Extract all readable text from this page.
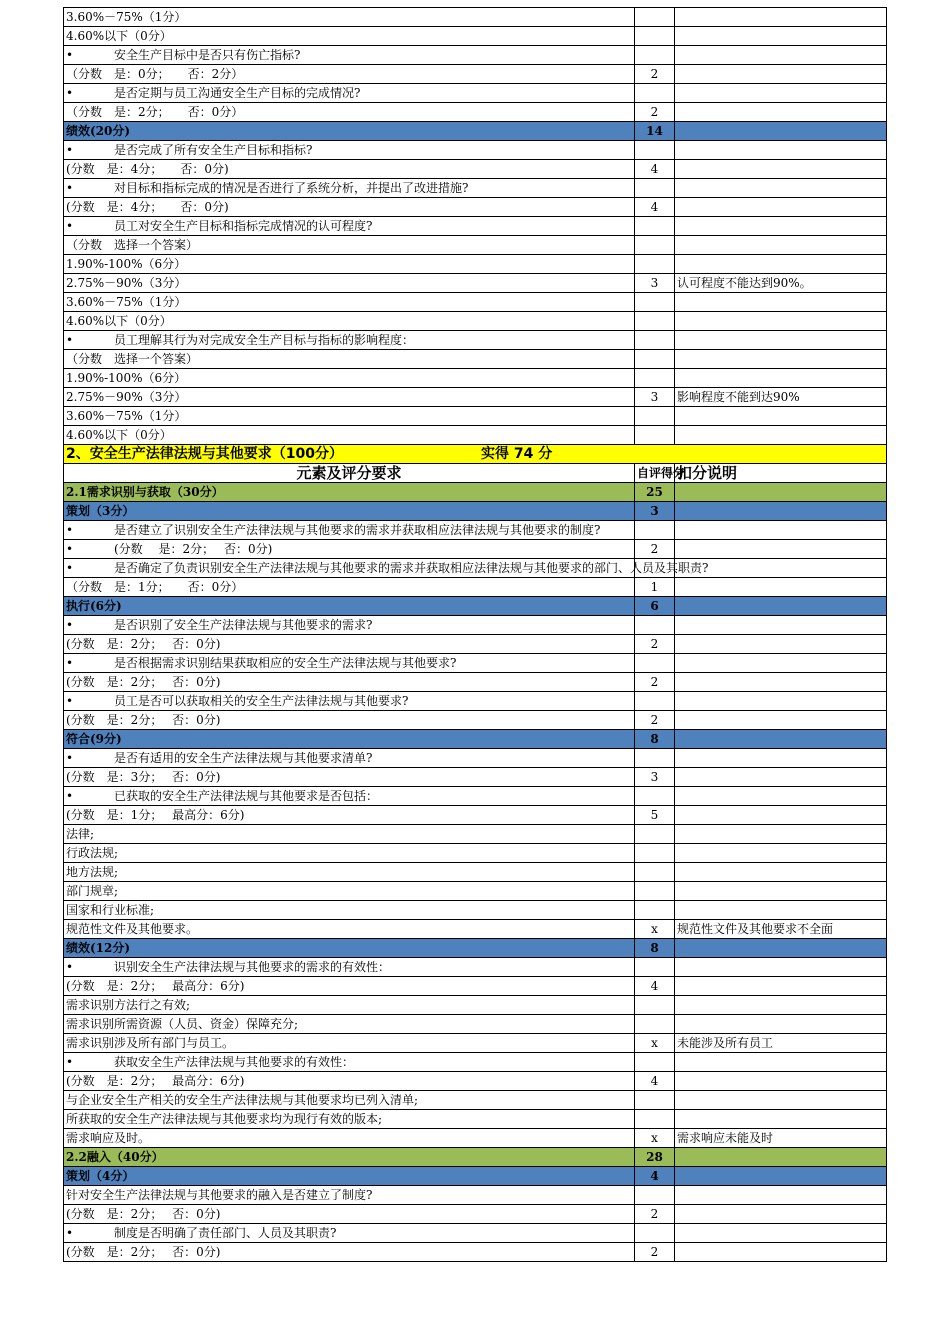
3.60%－75%（1分）		
4.60%以下（0分）		
• 安全生产目标中是否只有伤亡指标?		
（分数　是：0分；　　否：2分）	2	
• 是否定期与员工沟通安全生产目标的完成情况?		
（分数　是：2分；　　否：0分）	2	
绩效(20分)	14	
• 是否完成了所有安全生产目标和指标?		
(分数　是：4分；　　否：0分)	4	
• 对目标和指标完成的情况是否进行了系统分析，并提出了改进措施?		
(分数　是：4分；　　否：0分)	4	
• 员工对安全生产目标和指标完成情况的认可程度?		
（分数　选择一个答案）		
1.90%-100%（6分）		
2.75%－90%（3分）	3	认可程度不能达到90%。
3.60%－75%（1分）		
4.60%以下（0分）		
• 员工理解其行为对完成安全生产目标与指标的影响程度：		
（分数　选择一个答案）		
1.90%-100%（6分）		
2.75%－90%（3分）	3	影响程度不能到达90%
3.60%－75%（1分）		
4.60%以下（0分）		
2、安全生产法律法规与其他要求（100分） 实得 74 分		
元素及评分要求	自评得分	扣分说明
2.1需求识别与获取（30分）	25	
策划（3分）	3	
• 是否建立了识别安全生产法律法规与其他要求的需求并获取相应法律法规与其他要求的制度?		
• (分数　 是：2分；　 否：0分)	2	
• 是否确定了负责识别安全生产法律法规与其他要求的需求并获取相应法律法规与其他要求的部门、人员及其职责?		
（分数　是：1分；　　否：0分）	1	
执行(6分)	6	
• 是否识别了安全生产法律法规与其他要求的需求?		
(分数　是：2分；　 否：0分)	2	
• 是否根据需求识别结果获取相应的安全生产法律法规与其他要求?		
(分数　是：2分；　 否：0分)	2	
• 员工是否可以获取相关的安全生产法律法规与其他要求?		
(分数　是：2分；　 否：0分)	2	
符合(9分)	8	
• 是否有适用的安全生产法律法规与其他要求清单?		
(分数　是：3分；　 否：0分)	3	
• 已获取的安全生产法律法规与其他要求是否包括：		
(分数　是：1分；　 最高分：6分)	5	
法律;		
行政法规;		
地方法规;		
部门规章;		
国家和行业标准;		
规范性文件及其他要求。	x	规范性文件及其他要求不全面
绩效(12分)	8	
• 识别安全生产法律法规与其他要求的需求的有效性：		
(分数　是：2分；　 最高分：6分)	4	
需求识别方法行之有效;		
需求识别所需资源（人员、资金）保障充分;		
需求识别涉及所有部门与员工。	x	未能涉及所有员工
• 获取安全生产法律法规与其他要求的有效性：		
(分数　是：2分；　 最高分：6分)	4	
与企业安全生产相关的安全生产法律法规与其他要求均已列入清单;		
所获取的安全生产法律法规与其他要求均为现行有效的版本;		
需求响应及时。	x	需求响应未能及时
2.2融入（40分）	28	
策划（4分）	4	
针对安全生产法律法规与其他要求的融入是否建立了制度?		
(分数　是：2分；　 否：0分)	2	
• 制度是否明确了责任部门、人员及其职责?		
(分数　是：2分；　 否：0分)	2	
